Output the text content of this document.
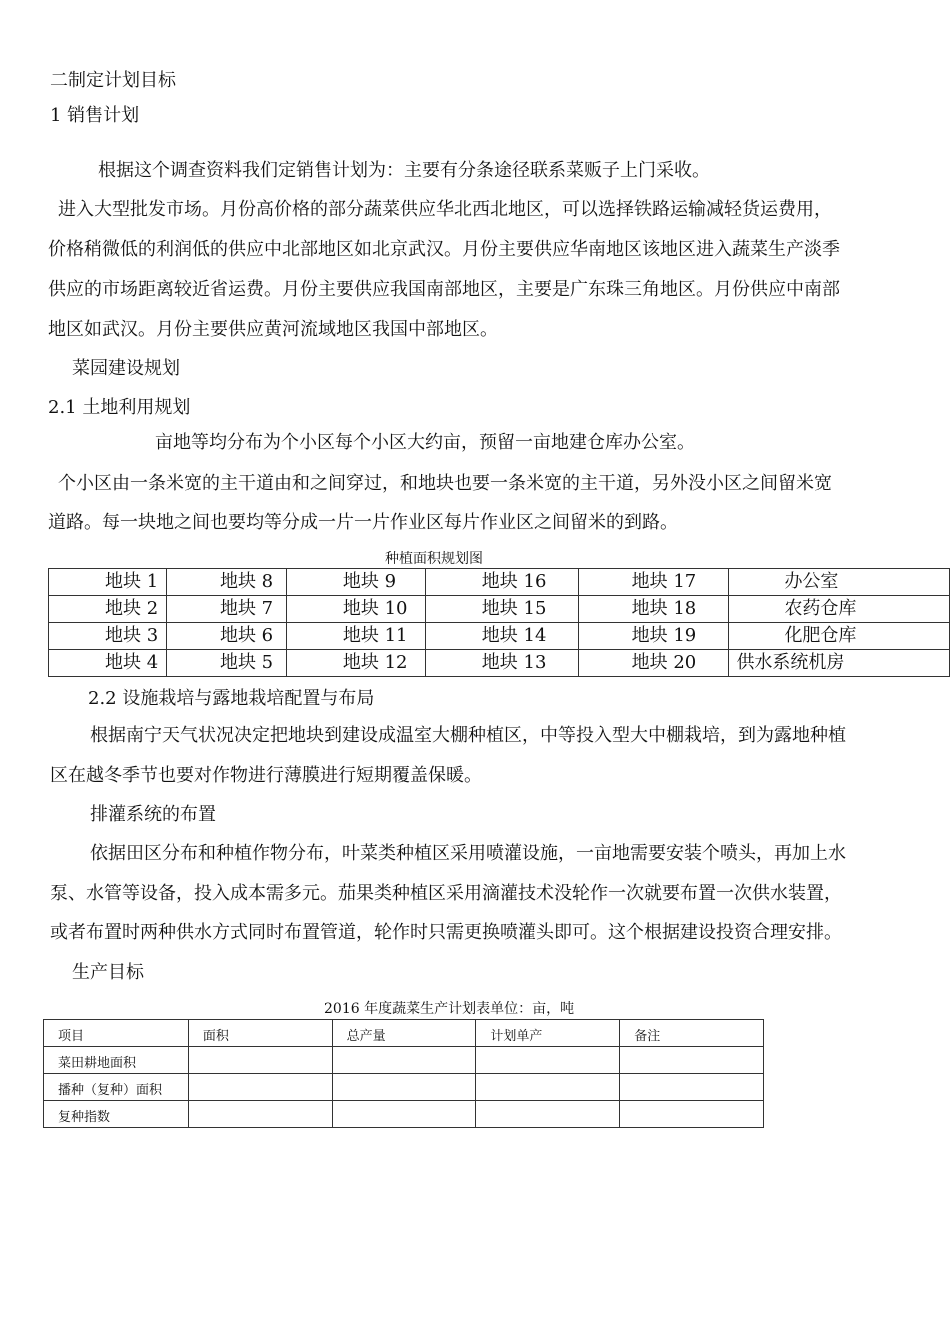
二制定计划目标
1 销售计划
根据这个调查资料我们定销售计划为：主要有分条途径联系菜贩子上门采收。
进入大型批发市场。月份高价格的部分蔬菜供应华北西北地区，可以选择铁路运输减轻货运费用，
价格稍微低的利润低的供应中北部地区如北京武汉。月份主要供应华南地区该地区进入蔬菜生产淡季
供应的市场距离较近省运费。月份主要供应我国南部地区，主要是广东珠三角地区。月份供应中南部
地区如武汉。月份主要供应黄河流域地区我国中部地区。
菜园建设规划
2.1 土地利用规划
亩地等均分布为个小区每个小区大约亩，预留一亩地建仓库办公室。
个小区由一条米宽的主干道由和之间穿过，和地块也要一条米宽的主干道，另外没小区之间留米宽
道路。每一块地之间也要均等分成一片一片作业区每片作业区之间留米的到路。
种植面积规划图
地块 1	地块 8	地块 9	地块 16	地块 17	办公室

地块 2	地块 7	地块 10	地块 15	地块 18	农药仓库

地块 3	地块 6	地块 11	地块 14	地块 19	化肥仓库

地块 4	地块 5	地块 12	地块 13	地块 20	供水系统机房
2.2 设施栽培与露地栽培配置与布局
根据南宁天气状况决定把地块到建设成温室大棚种植区，中等投入型大中棚栽培，到为露地种植
区在越冬季节也要对作物进行薄膜进行短期覆盖保暖。
排灌系统的布置
依据田区分布和种植作物分布，叶菜类种植区采用喷灌设施，一亩地需要安装个喷头，再加上水
泵、水管等设备，投入成本需多元。茄果类种植区采用滴灌技术没轮作一次就要布置一次供水装置，
或者布置时两种供水方式同时布置管道，轮作时只需更换喷灌头即可。这个根据建设投资合理安排。
生产目标
2016 年度蔬菜生产计划表单位：亩，吨
项目	面积	总产量	计划单产	备注

菜田耕地面积				

播种（复种）面积				

复种指数				
